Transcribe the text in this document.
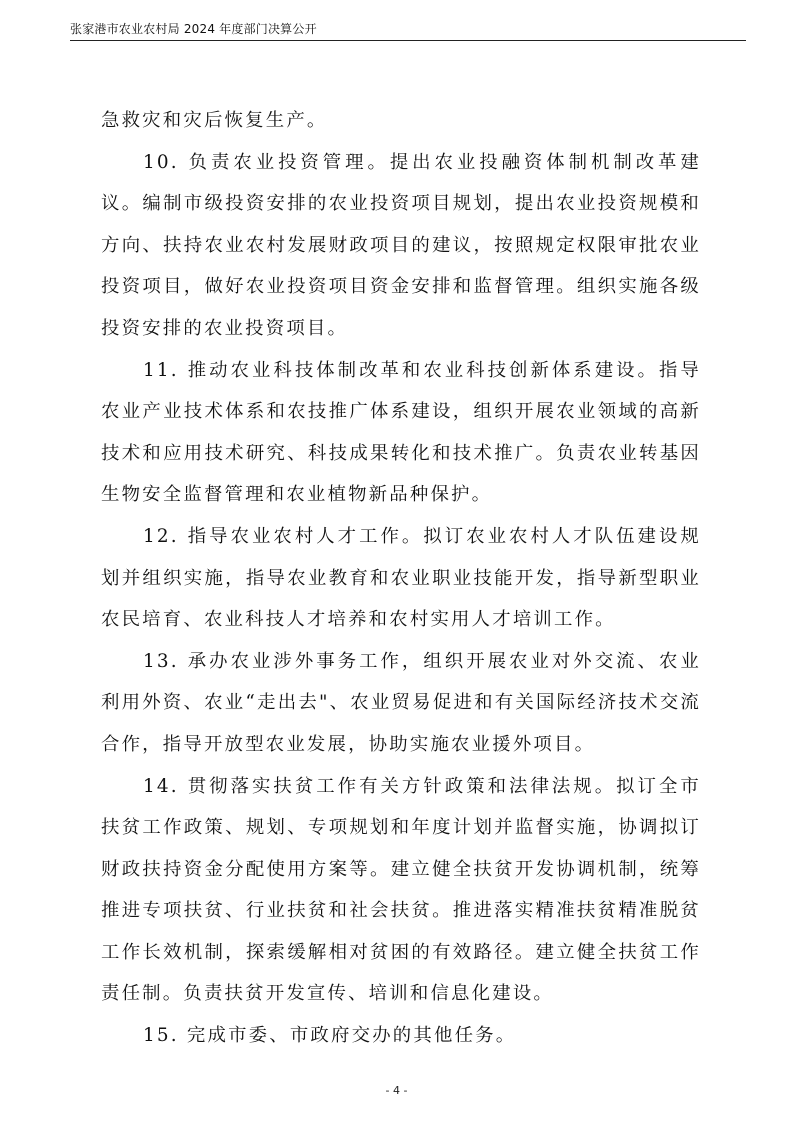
张家港市农业农村局 2024 年度部门决算公开

急救灾和灾后恢复生产。

10. 负责农业投资管理。提出农业投融资体制机制改革建议。编制市级投资安排的农业投资项目规划，提出农业投资规模和方向、扶持农业农村发展财政项目的建议，按照规定权限审批农业投资项目，做好农业投资项目资金安排和监督管理。组织实施各级投资安排的农业投资项目。

11. 推动农业科技体制改革和农业科技创新体系建设。指导农业产业技术体系和农技推广体系建设，组织开展农业领域的高新技术和应用技术研究、科技成果转化和技术推广。负责农业转基因生物安全监督管理和农业植物新品种保护。

12. 指导农业农村人才工作。拟订农业农村人才队伍建设规划并组织实施，指导农业教育和农业职业技能开发，指导新型职业农民培育、农业科技人才培养和农村实用人才培训工作。

13. 承办农业涉外事务工作，组织开展农业对外交流、农业利用外资、农业“走出去"、农业贸易促进和有关国际经济技术交流合作，指导开放型农业发展，协助实施农业援外项目。

14. 贯彻落实扶贫工作有关方针政策和法律法规。拟订全市扶贫工作政策、规划、专项规划和年度计划并监督实施，协调拟订财政扶持资金分配使用方案等。建立健全扶贫开发协调机制，统筹推进专项扶贫、行业扶贫和社会扶贫。推进落实精准扶贫精准脱贫工作长效机制，探索缓解相对贫困的有效路径。建立健全扶贫工作责任制。负责扶贫开发宣传、培训和信息化建设。

15. 完成市委、市政府交办的其他任务。

- 4 -
